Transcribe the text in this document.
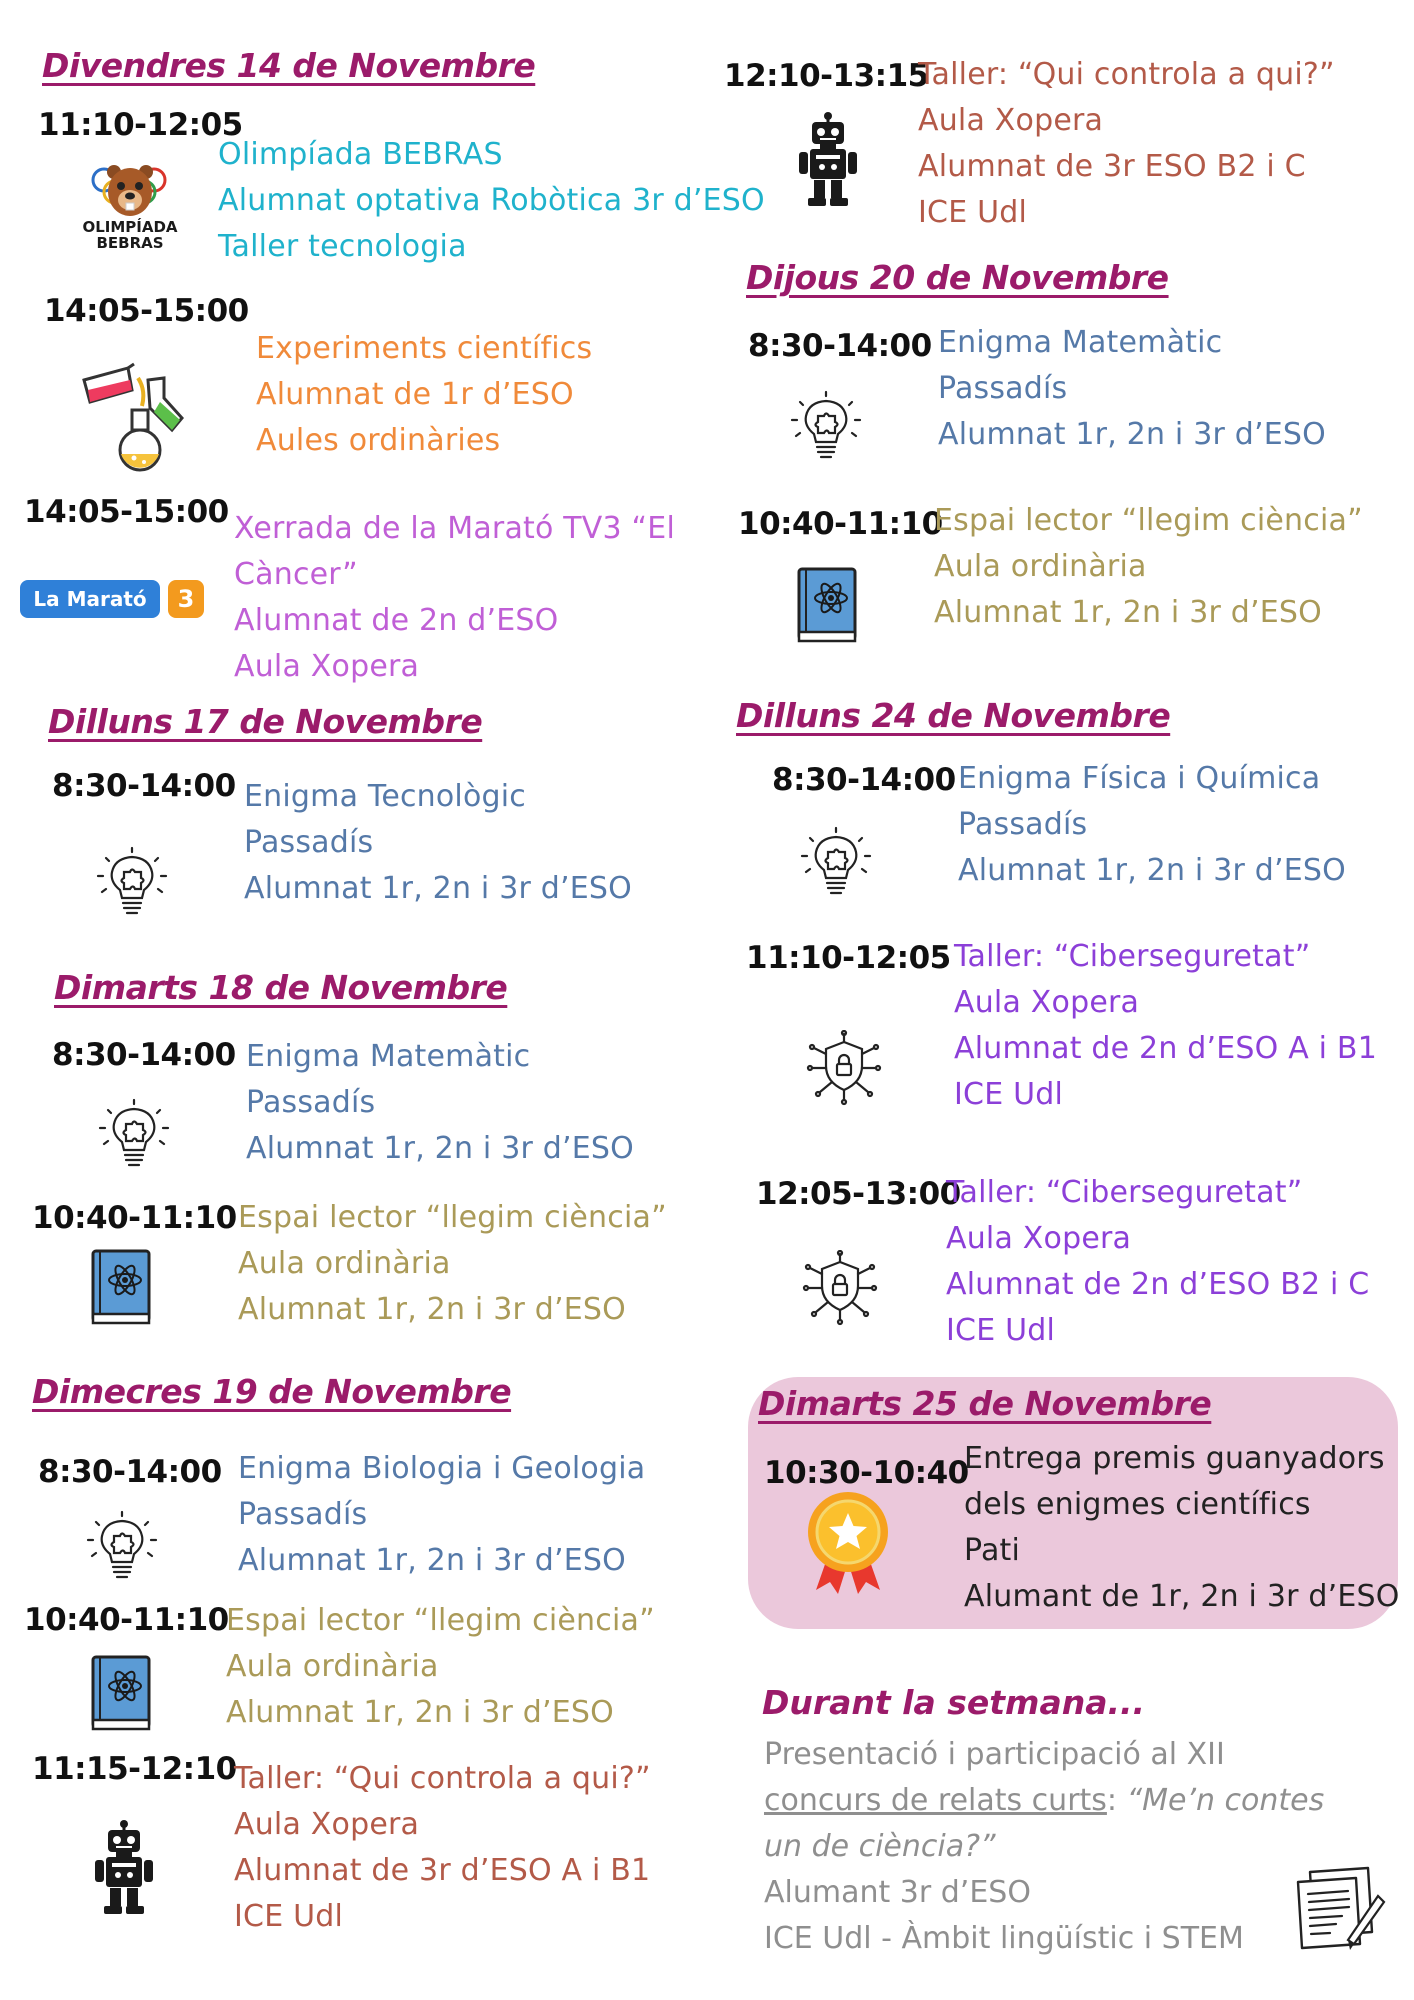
Divendres 14 de Novembre
11:10-12:05
OLIMPÍADA
BEBRAS
Olimpíada BEBRAS
Alumnat optativa Robòtica 3r d’ESO
Taller tecnologia
14:05-15:00
Experiments científics
Alumnat de 1r d’ESO
Aules ordinàries
14:05-15:00
La Marató	3
Xerrada de la Marató TV3 “El
Càncer”
Alumnat de 2n d’ESO
Aula Xopera
Dilluns 17 de Novembre
8:30-14:00 Enigma Tecnològic
Passadís
Alumnat 1r, 2n i 3r d’ESO
Dimarts 18 de Novembre
8:30-14:00 Enigma Matemàtic
Passadís
Alumnat 1r, 2n i 3r d’ESO
10:40-11:10 Espai lector “llegim ciència”
Aula ordinària
Alumnat 1r, 2n i 3r d’ESO
Dimecres 19 de Novembre
8:30-14:00 Enigma Biologia i Geologia
Passadís
Alumnat 1r, 2n i 3r d’ESO
10:40-11:10
Espai lector “llegim ciència”
Aula ordinària
Alumnat 1r, 2n i 3r d’ESO
11:15-12:10
Taller: “Qui controla a qui?”
Aula Xopera
Alumnat de 3r d’ESO A i B1
ICE Udl
12:10-13:15
Taller: “Qui controla a qui?”
Aula Xopera
Alumnat de 3r ESO B2 i C
ICE Udl
Dijous 20 de Novembre
8:30-14:00 Enigma Matemàtic
Passadís
Alumnat 1r, 2n i 3r d’ESO
10:40-11:10
Espai lector “llegim ciència”
Aula ordinària
Alumnat 1r, 2n i 3r d’ESO
Dilluns 24 de Novembre
8:30-14:00 Enigma Física i Química
Passadís
Alumnat 1r, 2n i 3r d’ESO
11:10-12:05 Taller: “Ciberseguretat”
Aula Xopera
Alumnat de 2n d’ESO A i B1
ICE Udl
12:05-13:00
Taller: “Ciberseguretat”
Aula Xopera
Alumnat de 2n d’ESO B2 i C
ICE Udl
Dimarts 25 de Novembre
10:30-10:40
Entrega premis guanyadors
dels enigmes científics
Pati
Alumant de 1r, 2n i 3r d’ESO
Durant la setmana...
Presentació i participació al XII
concurs de relats curts: “Me’n contes
un de ciència?”
Alumant 3r d’ESO
ICE Udl - Àmbit lingüístic i STEM
